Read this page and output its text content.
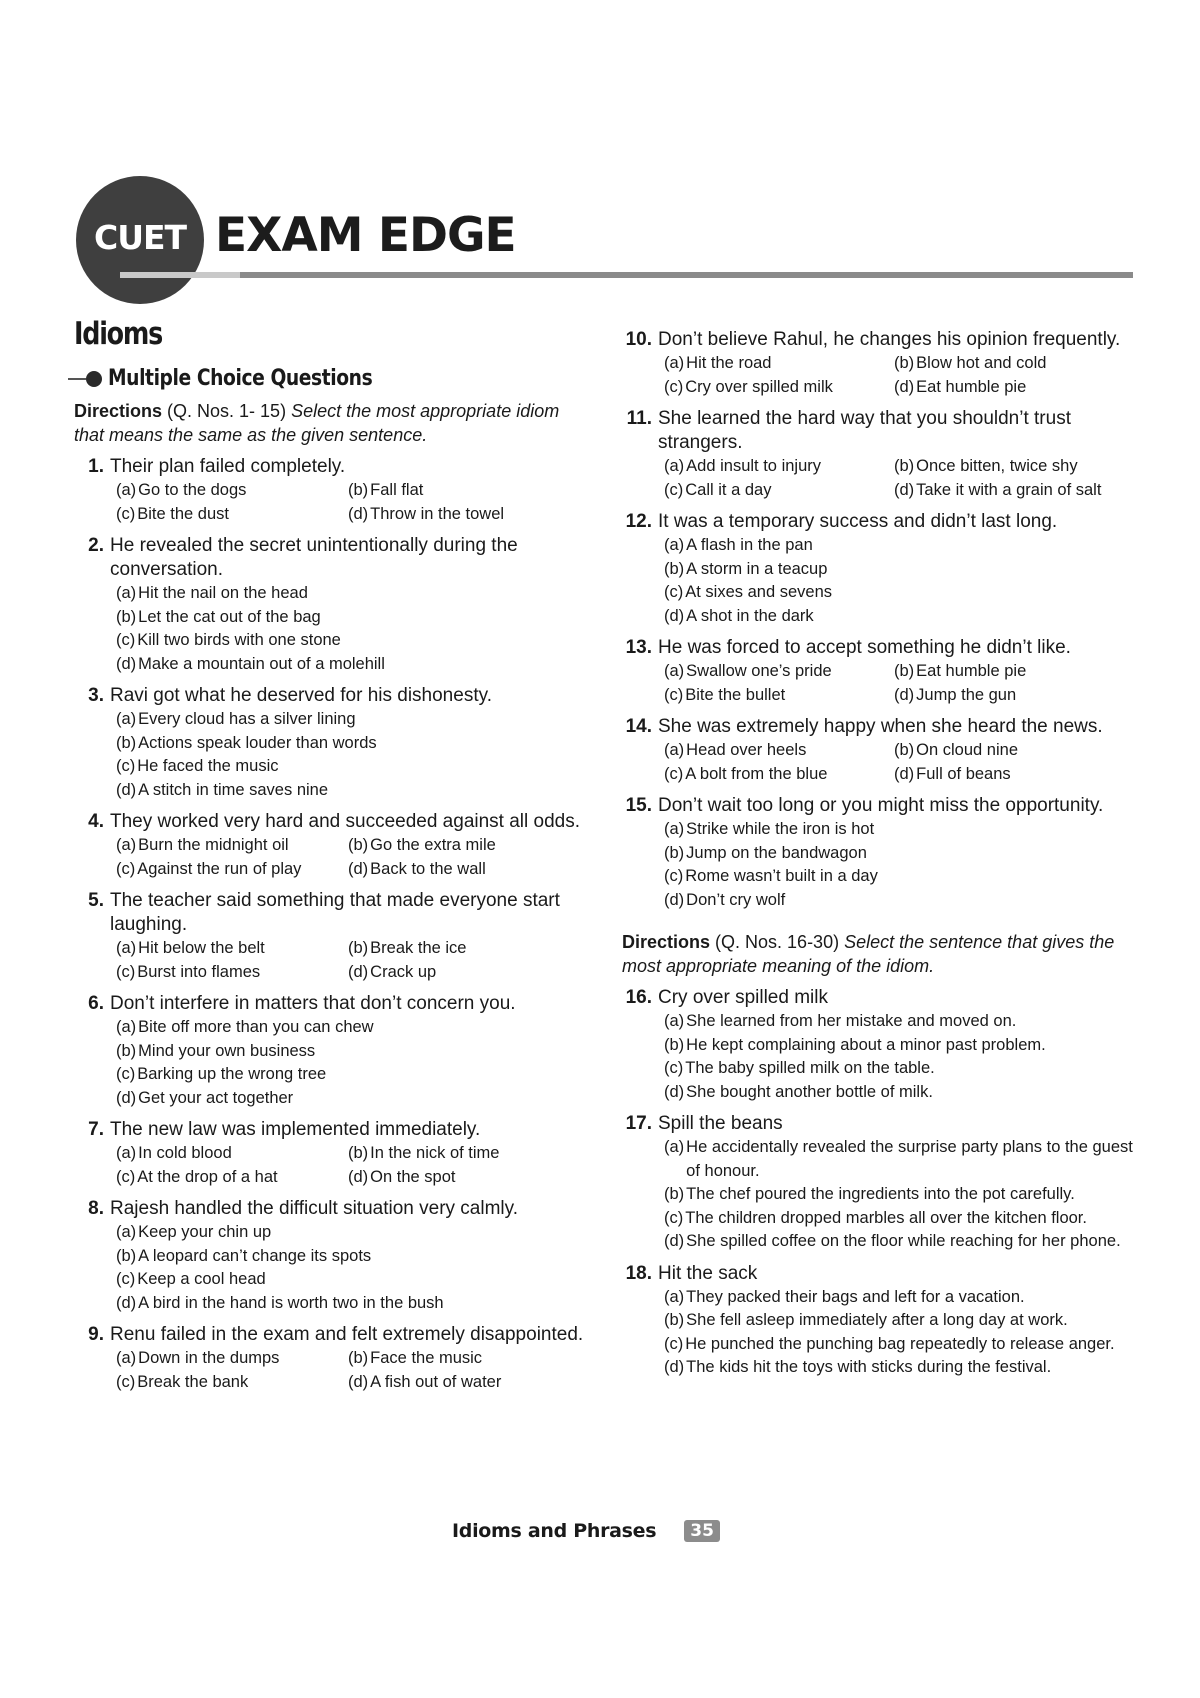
CUET EXAM EDGE
Idioms
Multiple Choice Questions
Directions (Q. Nos. 1- 15) Select the most appropriate idiom that means the same as the given sentence.
1. Their plan failed completely.
(a) Go to the dogs	(b) Fall flat
(c) Bite the dust	(d) Throw in the towel
2. He revealed the secret unintentionally during the conversation.
(a) Hit the nail on the head
(b) Let the cat out of the bag
(c) Kill two birds with one stone
(d) Make a mountain out of a molehill
3. Ravi got what he deserved for his dishonesty.
(a) Every cloud has a silver lining
(b) Actions speak louder than words
(c) He faced the music
(d) A stitch in time saves nine
4. They worked very hard and succeeded against all odds.
(a) Burn the midnight oil	(b) Go the extra mile
(c) Against the run of play	(d) Back to the wall
5. The teacher said something that made everyone start laughing.
(a) Hit below the belt	(b) Break the ice
(c) Burst into flames	(d) Crack up
6. Don’t interfere in matters that don’t concern you.
(a) Bite off more than you can chew
(b) Mind your own business
(c) Barking up the wrong tree
(d) Get your act together
7. The new law was implemented immediately.
(a) In cold blood	(b) In the nick of time
(c) At the drop of a hat	(d) On the spot
8. Rajesh handled the difficult situation very calmly.
(a) Keep your chin up
(b) A leopard can’t change its spots
(c) Keep a cool head
(d) A bird in the hand is worth two in the bush
9. Renu failed in the exam and felt extremely disappointed.
(a) Down in the dumps	(b) Face the music
(c) Break the bank	(d) A fish out of water
10. Don’t believe Rahul, he changes his opinion frequently.
(a) Hit the road	(b) Blow hot and cold
(c) Cry over spilled milk	(d) Eat humble pie
11. She learned the hard way that you shouldn’t trust strangers.
(a) Add insult to injury	(b) Once bitten, twice shy
(c) Call it a day	(d) Take it with a grain of salt
12. It was a temporary success and didn’t last long.
(a) A flash in the pan
(b) A storm in a teacup
(c) At sixes and sevens
(d) A shot in the dark
13. He was forced to accept something he didn’t like.
(a) Swallow one’s pride	(b) Eat humble pie
(c) Bite the bullet	(d) Jump the gun
14. She was extremely happy when she heard the news.
(a) Head over heels	(b) On cloud nine
(c) A bolt from the blue	(d) Full of beans
15. Don’t wait too long or you might miss the opportunity.
(a) Strike while the iron is hot
(b) Jump on the bandwagon
(c) Rome wasn’t built in a day
(d) Don’t cry wolf
Directions (Q. Nos. 16-30) Select the sentence that gives the most appropriate meaning of the idiom.
16. Cry over spilled milk
(a) She learned from her mistake and moved on.
(b) He kept complaining about a minor past problem.
(c) The baby spilled milk on the table.
(d) She bought another bottle of milk.
17. Spill the beans
(a) He accidentally revealed the surprise party plans to the guest of honour.
(b) The chef poured the ingredients into the pot carefully.
(c) The children dropped marbles all over the kitchen floor.
(d) She spilled coffee on the floor while reaching for her phone.
18. Hit the sack
(a) They packed their bags and left for a vacation.
(b) She fell asleep immediately after a long day at work.
(c) He punched the punching bag repeatedly to release anger.
(d) The kids hit the toys with sticks during the festival.
Idioms and Phrases	35
